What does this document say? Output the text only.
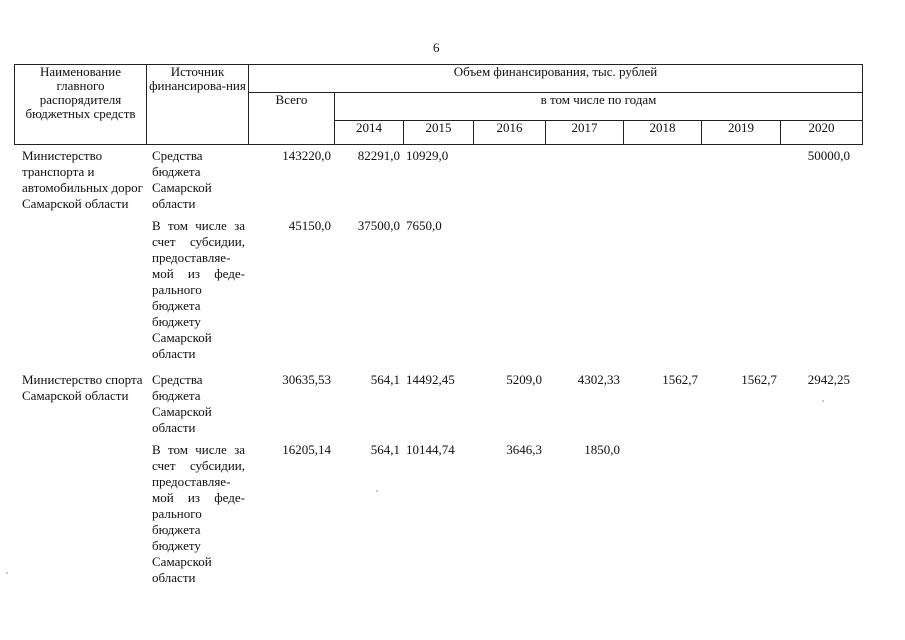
6
Наименование главного распорядителя бюджетных средств	Источник финансирова-ния	Объем финансирования, тыс. рублей							
		Всего	в том числе по годам						
			2014	2015	2016	2017	2018	2019	2020
Министерство транспорта и автомобильных дорог Самарской области	Средства бюджета Самарской области	143220,0	82291,0	10929,0					50000,0
	В том числе за счет субсидии, предоставляе-мой из феде-рального бюджета бюджету Самарской области	45150,0	37500,0	7650,0					
Министерство спорта Самарской области	Средства бюджета Самарской области	30635,53	564,1	14492,45	5209,0	4302,33	1562,7	1562,7	2942,25
	В том числе за счет субсидии, предоставляе-мой из феде-рального бюджета бюджету Самарской области	16205,14	564,1	10144,74	3646,3	1850,0			
